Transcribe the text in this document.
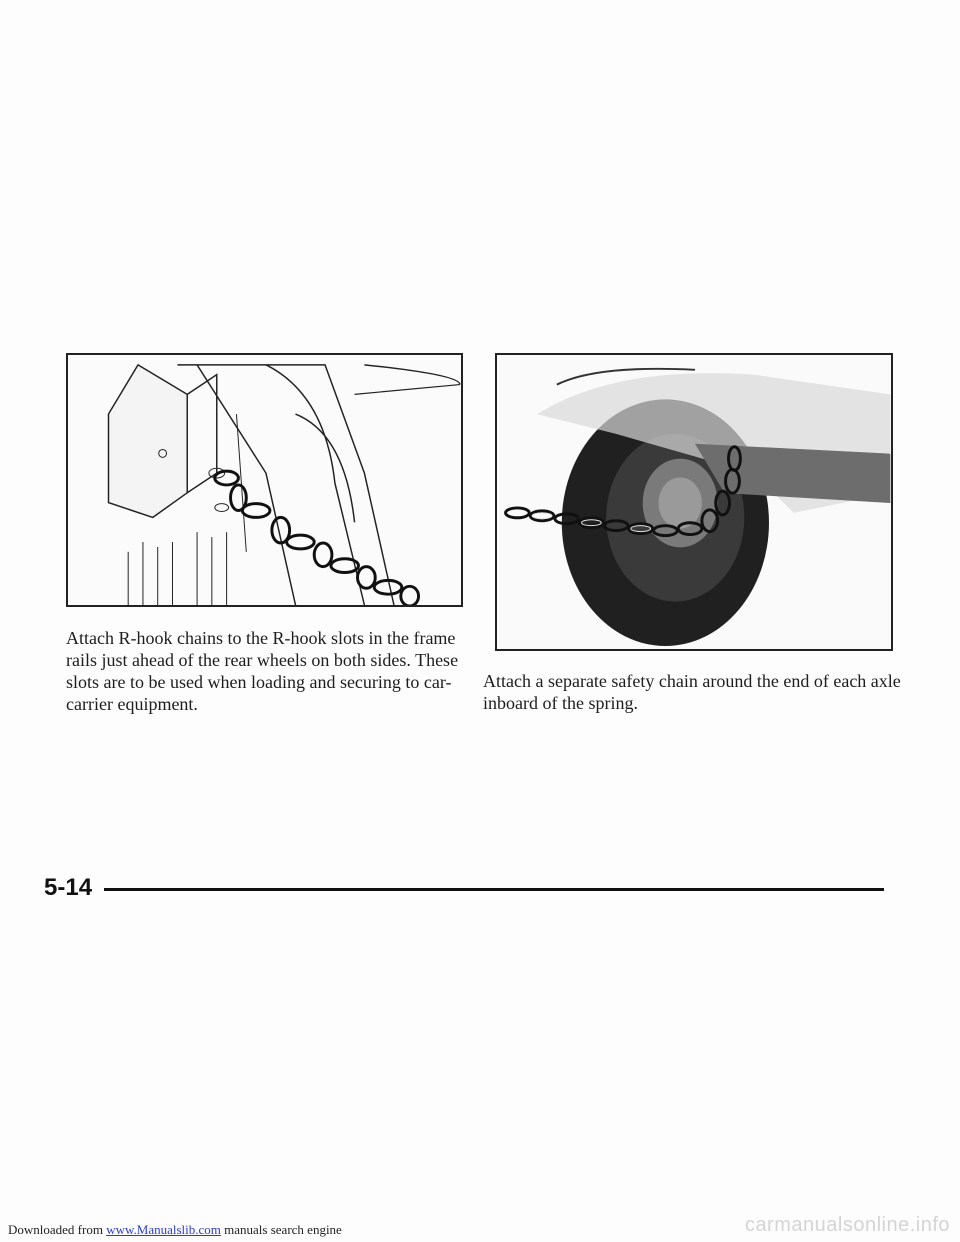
Attach R-hook chains to the R-hook slots in the frame rails just ahead of the rear wheels on both sides. These slots are to be used when loading and securing to car-carrier equipment.
Attach a separate safety chain around the end of each axle inboard of the spring.
5-14
Downloaded from www.Manualslib.com manuals search engine	carmanualsonline.info
